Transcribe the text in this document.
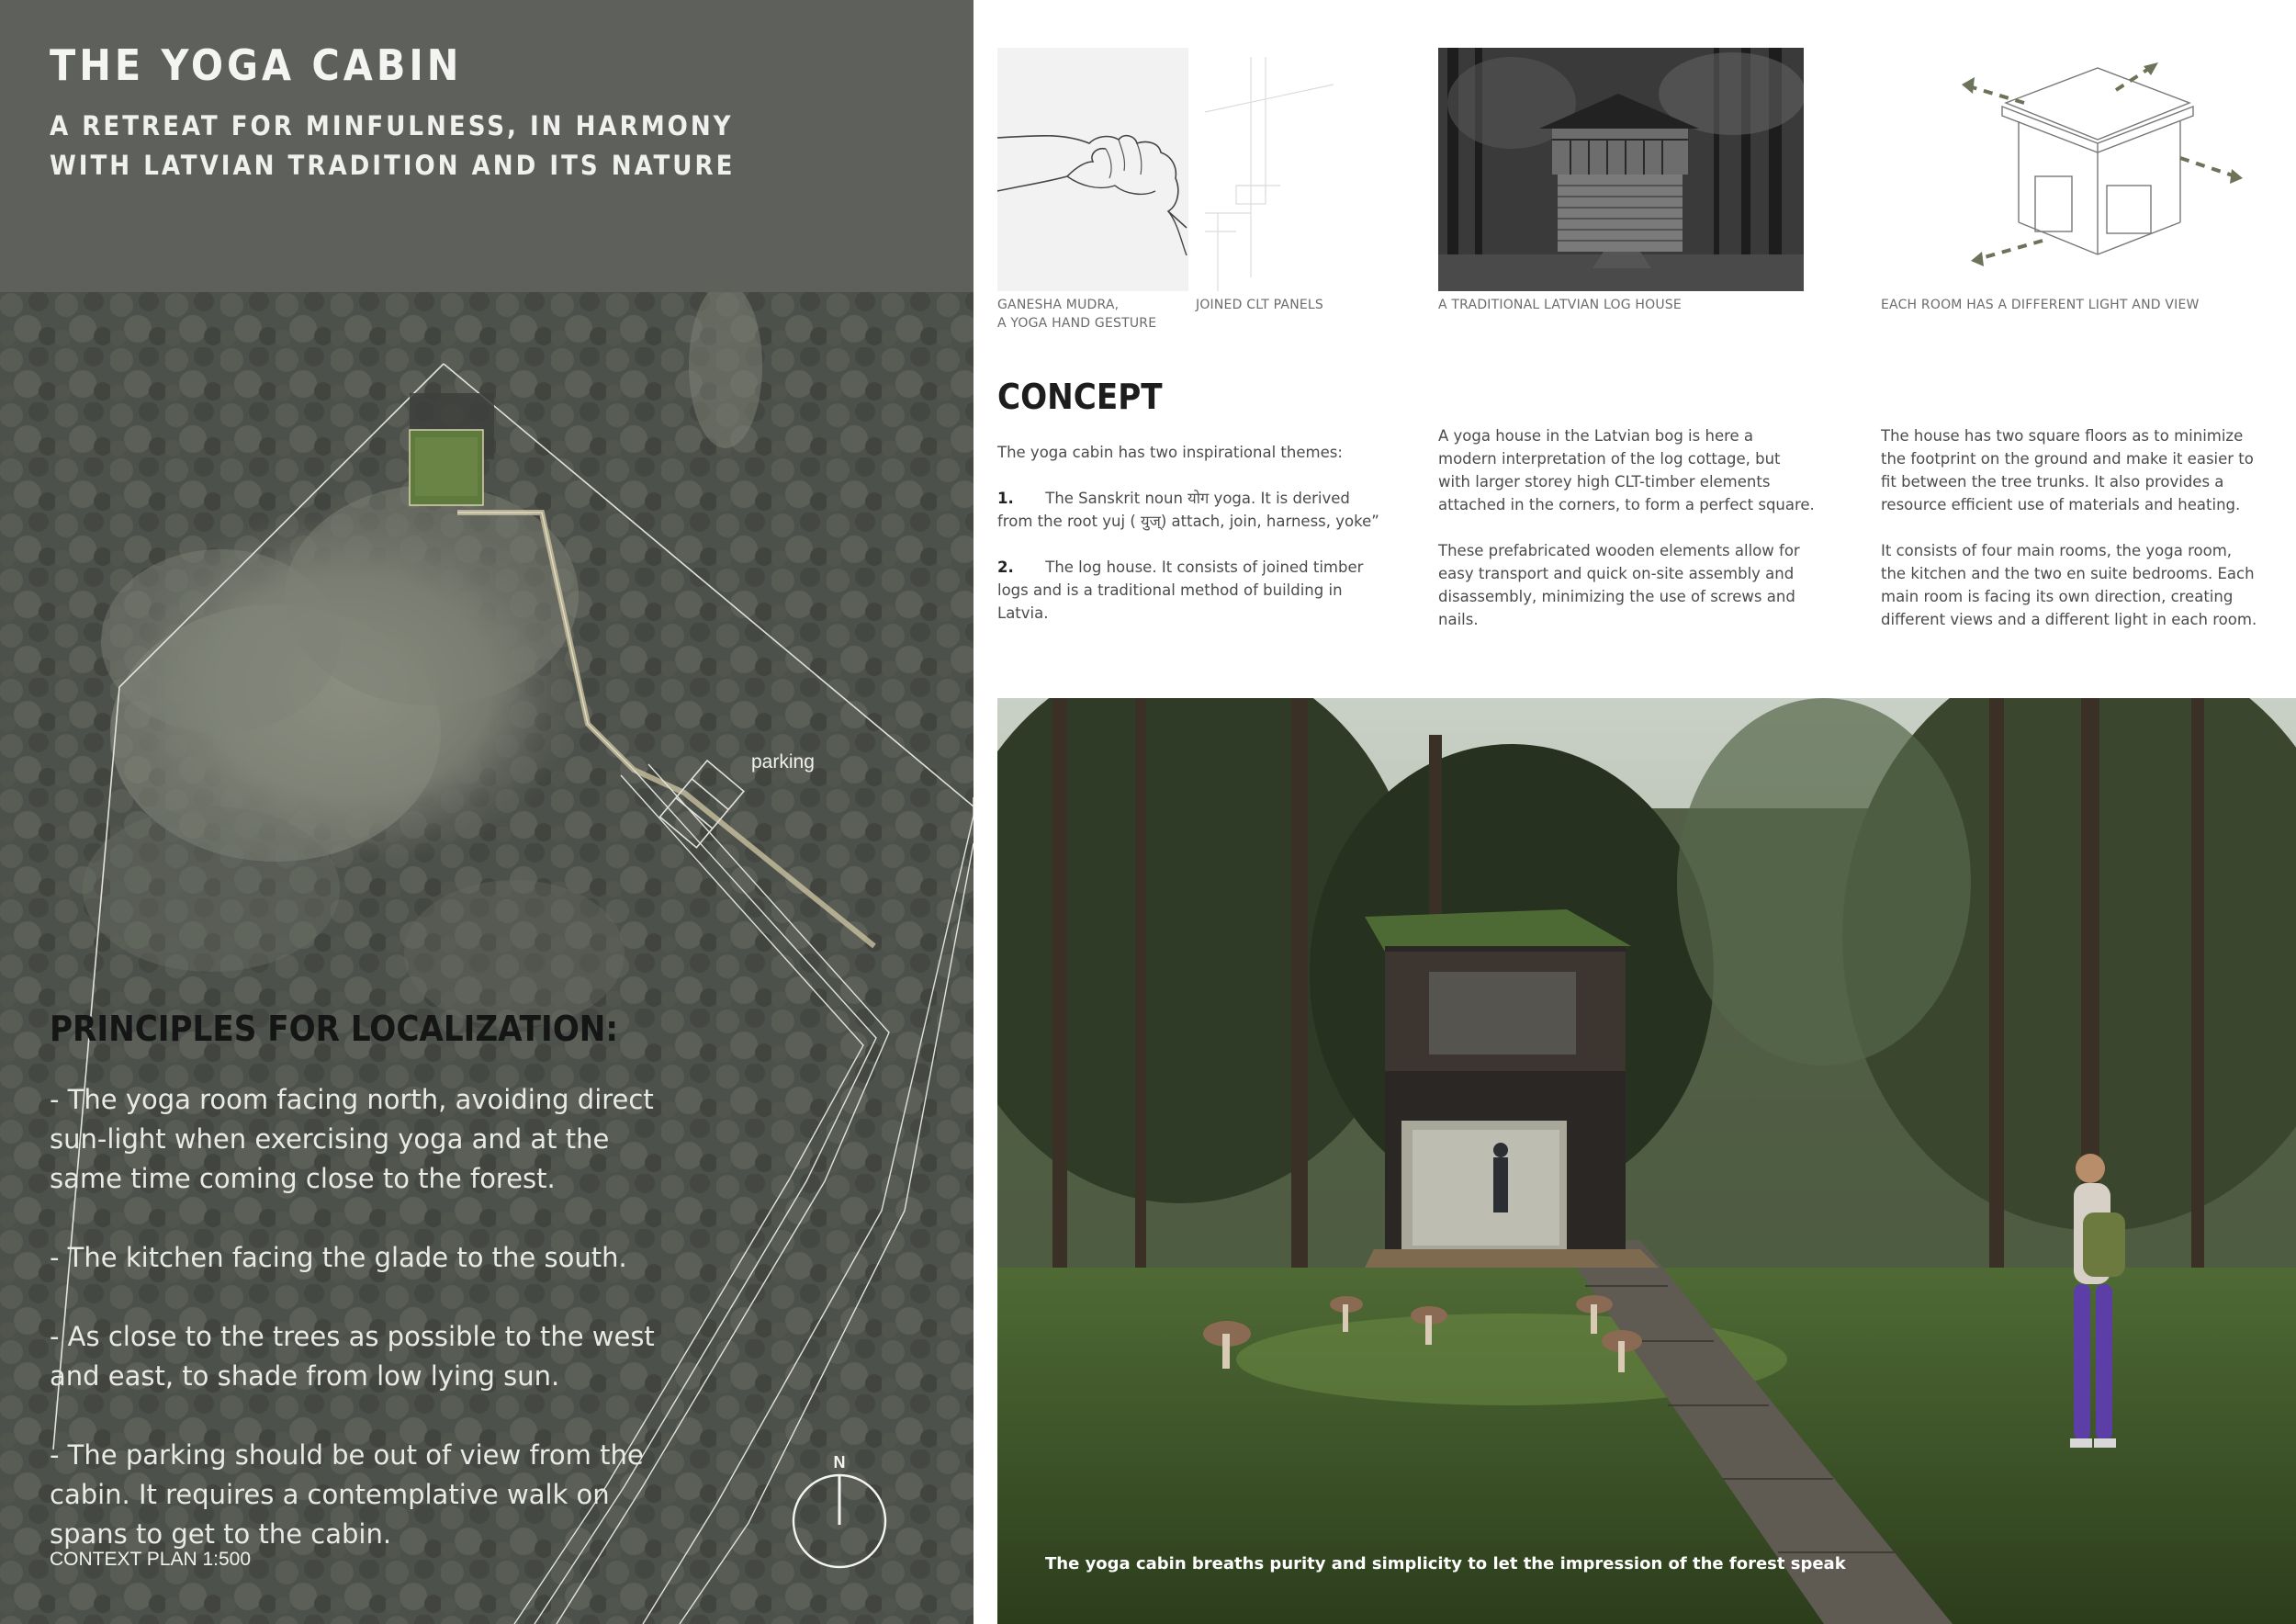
THE YOGA CABIN
A RETREAT FOR MINFULNESS, IN HARMONY
WITH LATVIAN TRADITION AND ITS NATURE
parking
PRINCIPLES FOR LOCALIZATION:

- The yoga room facing north, avoiding direct sun-light when exercising yoga and at the same time coming close to the forest.

- The kitchen facing the glade to the south.

- As close to the trees as possible to the west and east, to shade from low lying sun.

- The parking should be out of view from the cabin. It requires a contemplative walk on spans to get to the cabin.

CONTEXT PLAN 1:500
N
GANESHA MUDRA,
A YOGA HAND GESTURE
JOINED CLT PANELS	A TRADITIONAL LATVIAN LOG HOUSE	EACH ROOM HAS A DIFFERENT LIGHT AND VIEW
CONCEPT

The yoga cabin has two inspirational themes:

1. The Sanskrit noun योग yoga. It is derived from the root yuj ( युज्) attach, join, harness, yoke”

2. The log house. It consists of joined timber logs and is a traditional method of building in Latvia.

A yoga house in the Latvian bog is here a modern interpretation of the log cottage, but with larger storey high CLT-timber elements attached in the corners, to form a perfect square.

These prefabricated wooden elements allow for easy transport and quick on-site assembly and disassembly, minimizing the use of screws and nails.

The house has two square floors as to minimize the footprint on the ground and make it easier to fit between the tree trunks. It also provides a resource efficient use of materials and heating.

It consists of four main rooms, the yoga room, the kitchen and the two en suite bedrooms. Each main room is facing its own direction, creating different views and a different light in each room.

The yoga cabin breaths purity and simplicity to let the impression of the forest speak
